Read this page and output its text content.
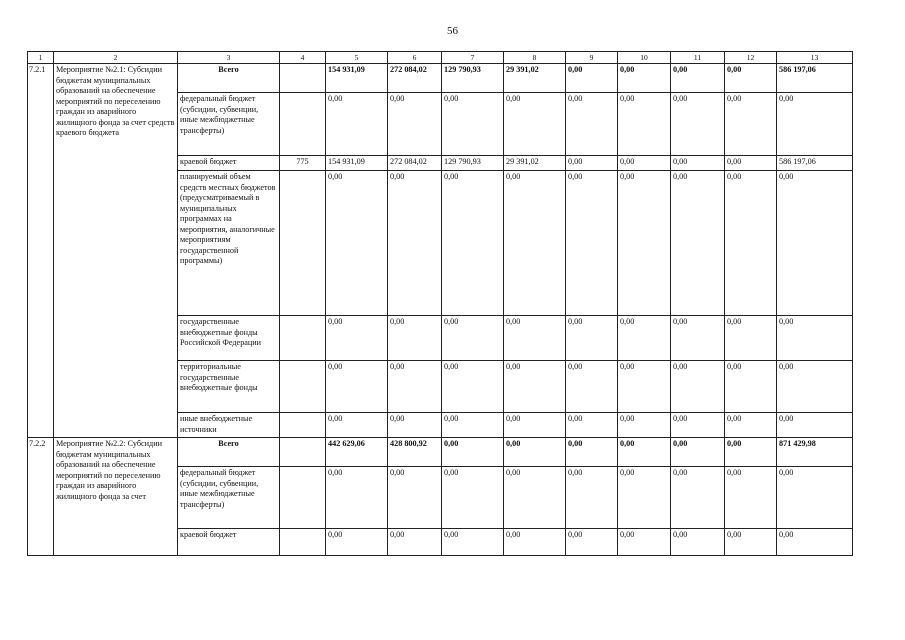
56
1	2	3	4	5	6	7	8	9	10	11	12	13
7.2.1	Мероприятие №2.1: Субсидии бюджетам муниципальных образований на обеспечение мероприятий по переселению граждан из аварийного жилищного фонда за счет средств краевого бюджета	Всего		154 931,09	272 084,02	129 790,93	29 391,02	0,00	0,00	0,00	0,00	586 197,06
		федеральный бюджет (субсидии, субвенции, иные межбюджетные трансферты)		0,00	0,00	0,00	0,00	0,00	0,00	0,00	0,00	0,00
		краевой бюджет	775	154 931,09	272 084,02	129 790,93	29 391,02	0,00	0,00	0,00	0,00	586 197,06
		планируемый объем средств местных бюджетов (предусматриваемый в муниципальных программах на мероприятия, аналогичные мероприятиям государственной программы)		0,00	0,00	0,00	0,00	0,00	0,00	0,00	0,00	0,00
		государственные внебюджетные фонды Российской Федерации		0,00	0,00	0,00	0,00	0,00	0,00	0,00	0,00	0,00
		территориальные государственные внебюджетные фонды		0,00	0,00	0,00	0,00	0,00	0,00	0,00	0,00	0,00
		иные внебюджетные источники		0,00	0,00	0,00	0,00	0,00	0,00	0,00	0,00	0,00
7.2.2	Мероприятие №2.2: Субсидии бюджетам муниципальных образований на обеспечение мероприятий по переселению граждан из аварийного жилищного фонда за счет	Всего		442 629,06	428 800,92	0,00	0,00	0,00	0,00	0,00	0,00	871 429,98
		федеральный бюджет (субсидии, субвенции, иные межбюджетные трансферты)		0,00	0,00	0,00	0,00	0,00	0,00	0,00	0,00	0,00
		краевой бюджет		0,00	0,00	0,00	0,00	0,00	0,00	0,00	0,00	0,00
